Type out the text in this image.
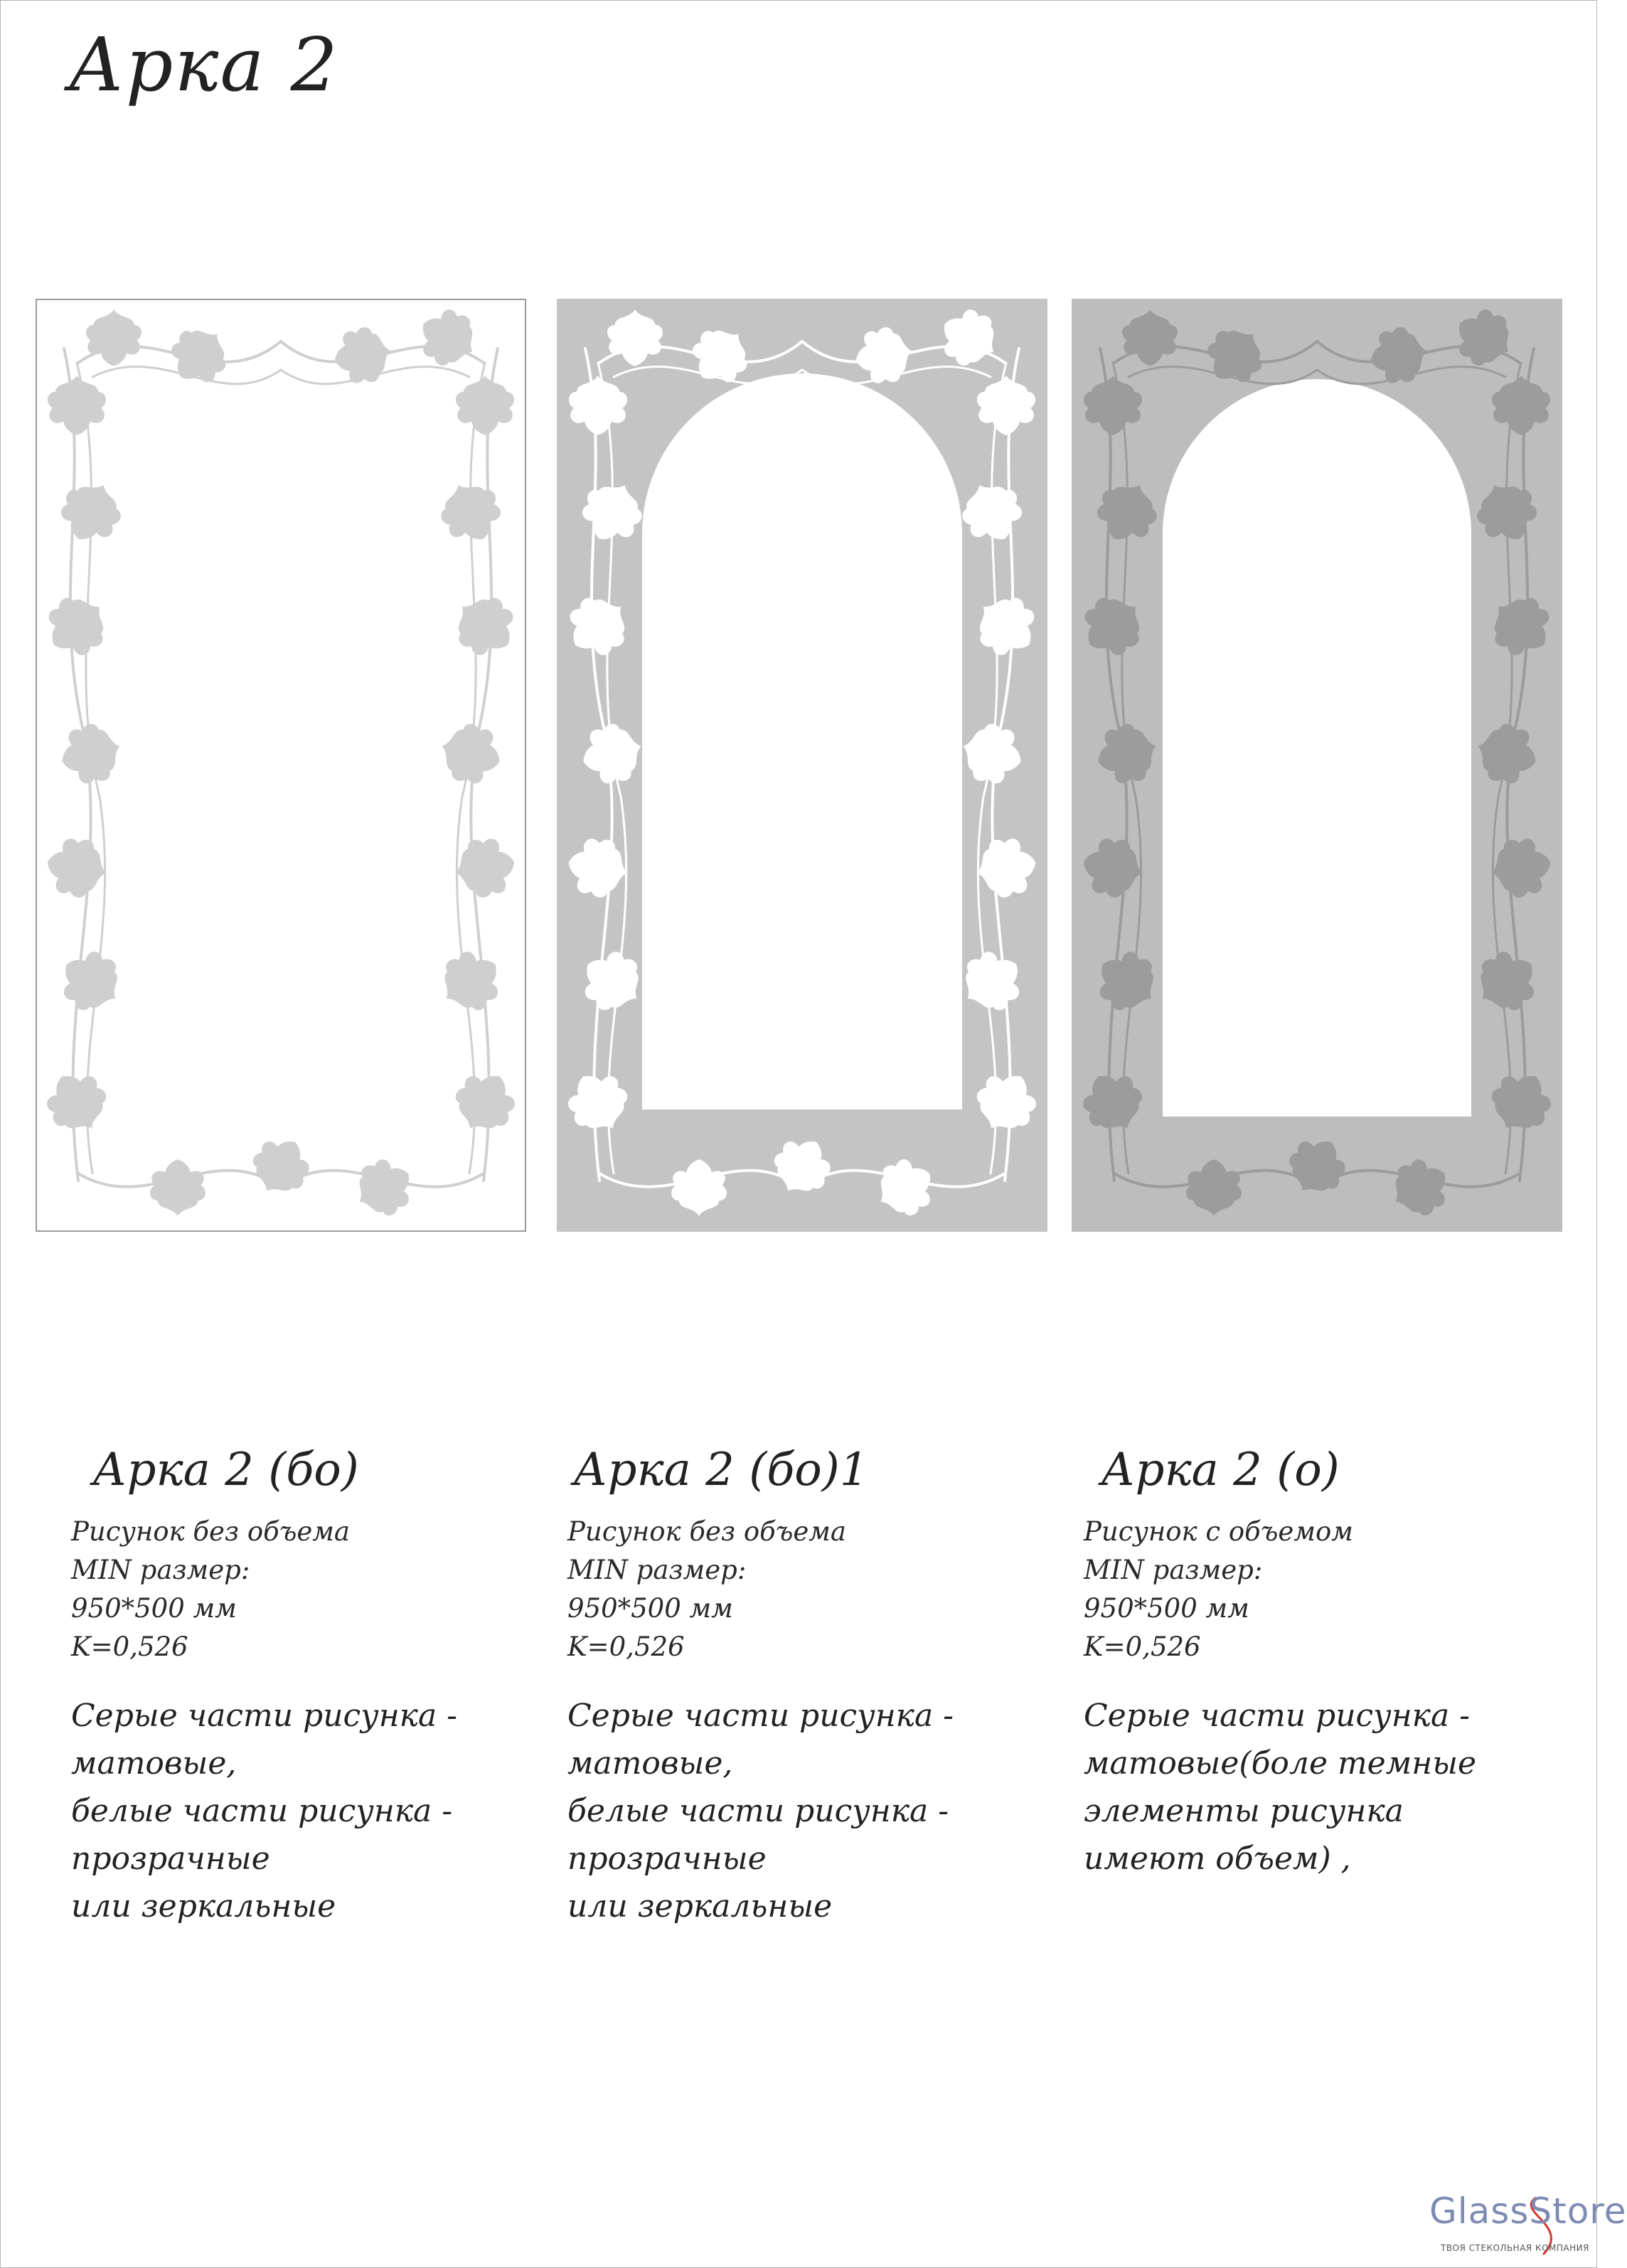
Арка 2
Арка 2 (бо)
Рисунок без объема
MIN размер:
950*500 мм
K=0,526
Серые части рисунка -
матовые,
белые части рисунка -
прозрачные
или зеркальные
Арка 2 (бо)1
Рисунок без объема
MIN размер:
950*500 мм
K=0,526
Серые части рисунка -
матовые,
белые части рисунка -
прозрачные
или зеркальные
Арка 2 (о)
Рисунок с объемом
MIN размер:
950*500 мм
K=0,526
Серые части рисунка -
матовые(боле темные
элементы рисунка
имеют объем) ,
GlassStore
ТВОЯ СТЕКОЛЬНАЯ КОМПАНИЯ
